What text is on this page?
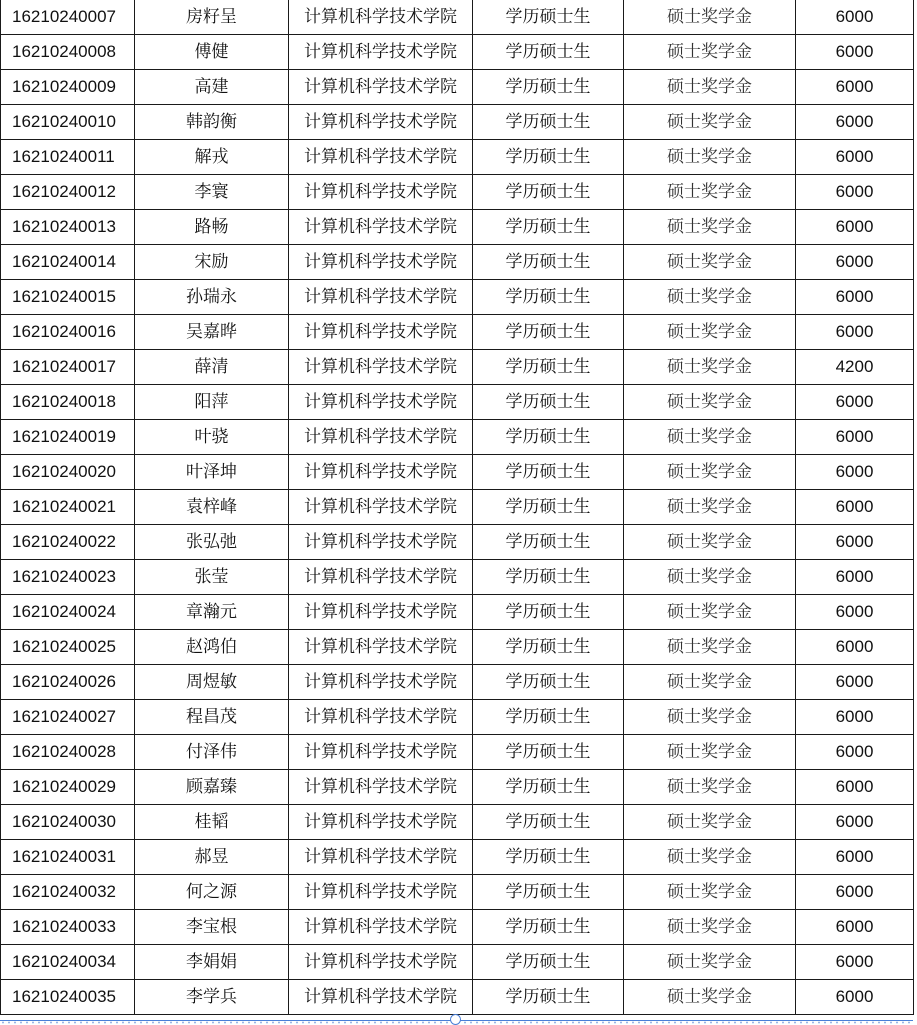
16210240007	房籽呈	计算机科学技术学院	学历硕士生	硕士奖学金	6000
16210240008	傅健	计算机科学技术学院	学历硕士生	硕士奖学金	6000
16210240009	高建	计算机科学技术学院	学历硕士生	硕士奖学金	6000
16210240010	韩韵衡	计算机科学技术学院	学历硕士生	硕士奖学金	6000
16210240011	解戎	计算机科学技术学院	学历硕士生	硕士奖学金	6000
16210240012	李寰	计算机科学技术学院	学历硕士生	硕士奖学金	6000
16210240013	路畅	计算机科学技术学院	学历硕士生	硕士奖学金	6000
16210240014	宋励	计算机科学技术学院	学历硕士生	硕士奖学金	6000
16210240015	孙瑞永	计算机科学技术学院	学历硕士生	硕士奖学金	6000
16210240016	吴嘉晔	计算机科学技术学院	学历硕士生	硕士奖学金	6000
16210240017	薛清	计算机科学技术学院	学历硕士生	硕士奖学金	4200
16210240018	阳萍	计算机科学技术学院	学历硕士生	硕士奖学金	6000
16210240019	叶骁	计算机科学技术学院	学历硕士生	硕士奖学金	6000
16210240020	叶泽坤	计算机科学技术学院	学历硕士生	硕士奖学金	6000
16210240021	袁梓峰	计算机科学技术学院	学历硕士生	硕士奖学金	6000
16210240022	张弘弛	计算机科学技术学院	学历硕士生	硕士奖学金	6000
16210240023	张莹	计算机科学技术学院	学历硕士生	硕士奖学金	6000
16210240024	章瀚元	计算机科学技术学院	学历硕士生	硕士奖学金	6000
16210240025	赵鸿伯	计算机科学技术学院	学历硕士生	硕士奖学金	6000
16210240026	周煜敏	计算机科学技术学院	学历硕士生	硕士奖学金	6000
16210240027	程昌茂	计算机科学技术学院	学历硕士生	硕士奖学金	6000
16210240028	付泽伟	计算机科学技术学院	学历硕士生	硕士奖学金	6000
16210240029	顾嘉臻	计算机科学技术学院	学历硕士生	硕士奖学金	6000
16210240030	桂韬	计算机科学技术学院	学历硕士生	硕士奖学金	6000
16210240031	郝昱	计算机科学技术学院	学历硕士生	硕士奖学金	6000
16210240032	何之源	计算机科学技术学院	学历硕士生	硕士奖学金	6000
16210240033	李宝根	计算机科学技术学院	学历硕士生	硕士奖学金	6000
16210240034	李娟娟	计算机科学技术学院	学历硕士生	硕士奖学金	6000
16210240035	李学兵	计算机科学技术学院	学历硕士生	硕士奖学金	6000
